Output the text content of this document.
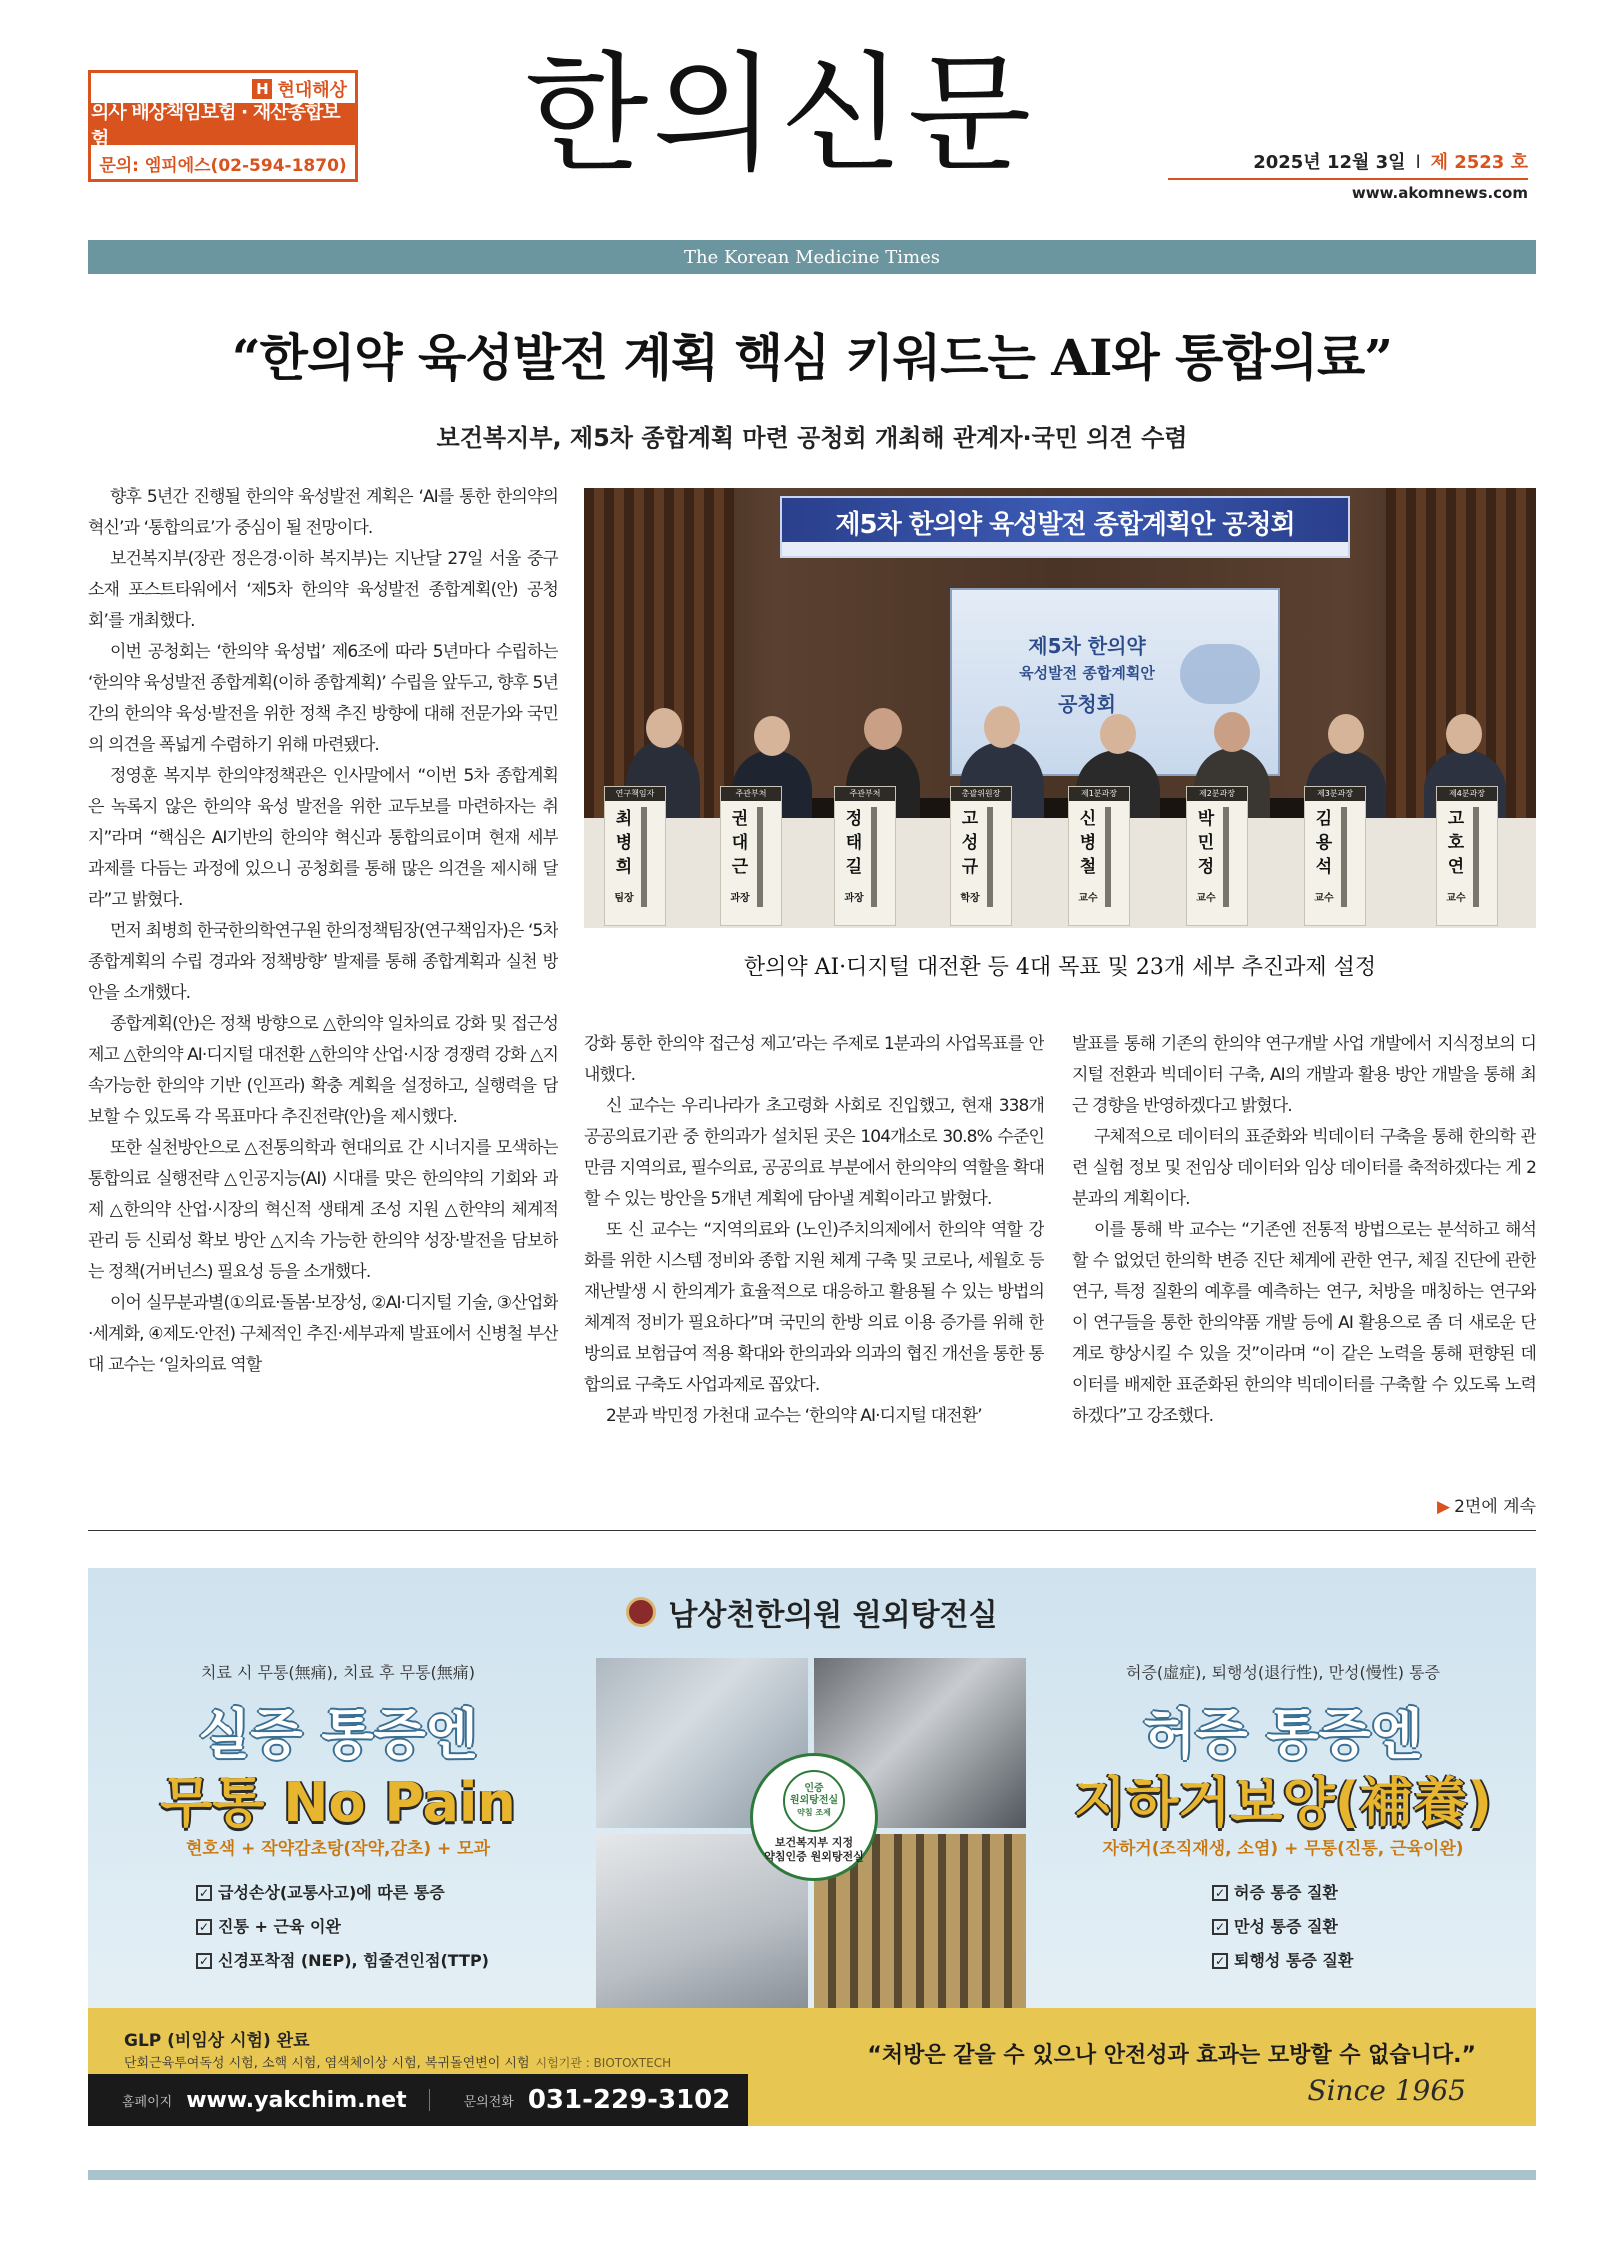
H 현대해상
의사 배상책임보험 · 재산종합보험
문의: 엠피에스(02-594-1870)	한의신문	2025년 12월 3일 l 제 2523 호
www.akomnews.com
The Korean Medicine Times
“한의약 육성발전 계획 핵심 키워드는 AI와 통합의료”
보건복지부, 제5차 종합계획 마련 공청회 개최해 관계자·국민 의견 수렴

향후 5년간 진행될 한의약 육성발전 계획은 ‘AI를 통한 한의약의 혁신’과 ‘통합의료’가 중심이 될 전망이다.

보건복지부(장관 정은경·이하 복지부)는 지난달 27일 서울 중구 소재 포스트타워에서 ‘제5차 한의약 육성발전 종합계획(안) 공청회’를 개최했다.

이번 공청회는 ‘한의약 육성법’ 제6조에 따라 5년마다 수립하는 ‘한의약 육성발전 종합계획(이하 종합계획)’ 수립을 앞두고, 향후 5년간의 한의약 육성·발전을 위한 정책 추진 방향에 대해 전문가와 국민의 의견을 폭넓게 수렴하기 위해 마련됐다.

정영훈 복지부 한의약정책관은 인사말에서 “이번 5차 종합계획은 녹록지 않은 한의약 육성 발전을 위한 교두보를 마련하자는 취지”라며 “핵심은 AI기반의 한의약 혁신과 통합의료이며 현재 세부 과제를 다듬는 과정에 있으니 공청회를 통해 많은 의견을 제시해 달라”고 밝혔다.

먼저 최병희 한국한의학연구원 한의정책팀장(연구책임자)은 ‘5차 종합계획의 수립 경과와 정책방향’ 발제를 통해 종합계획과 실천 방안을 소개했다.

종합계획(안)은 정책 방향으로 △한의약 일차의료 강화 및 접근성 제고 △한의약 AI·디지털 대전환 △한의약 산업·시장 경쟁력 강화 △지속가능한 한의약 기반 (인프라) 확충 계획을 설정하고, 실행력을 담보할 수 있도록 각 목표마다 추진전략(안)을 제시했다.

또한 실천방안으로 △전통의학과 현대의료 간 시너지를 모색하는 통합의료 실행전략 △인공지능(AI) 시대를 맞은 한의약의 기회와 과제 △한의약 산업·시장의 혁신적 생태계 조성 지원 △한약의 체계적 관리 등 신뢰성 확보 방안 △지속 가능한 한의약 성장·발전을 담보하는 정책(거버넌스) 필요성 등을 소개했다.

이어 실무분과별(①의료·돌봄·보장성, ②AI·디지털 기술, ③산업화·세계화, ④제도·안전) 구체적인 추진·세부과제 발표에서 신병철 부산대 교수는 ‘일차의료 역할

제5차 한의약 육성발전 종합계획안 공청회
제5차 한의약
육성발전 종합계획안
공청회
연구책임자
최병희
팀장
주관부처
권대근
과장
주관부처
정태길
과장
총괄위원장
고성규
학장
제1분과장
신병철
교수
제2분과장
박민정
교수
제3분과장
김용석
교수
제4분과장
고호연
교수
한의약 AI·디지털 대전환 등 4대 목표 및 23개 세부 추진과제 설정

강화 통한 한의약 접근성 제고’라는 주제로 1분과의 사업목표를 안내했다.

신 교수는 우리나라가 초고령화 사회로 진입했고, 현재 338개 공공의료기관 중 한의과가 설치된 곳은 104개소로 30.8% 수준인 만큼 지역의료, 필수의료, 공공의료 부분에서 한의약의 역할을 확대할 수 있는 방안을 5개년 계획에 담아낼 계획이라고 밝혔다.

또 신 교수는 “지역의료와 (노인)주치의제에서 한의약 역할 강화를 위한 시스템 정비와 종합 지원 체계 구축 및 코로나, 세월호 등 재난발생 시 한의계가 효율적으로 대응하고 활용될 수 있는 방법의 체계적 정비가 필요하다”며 국민의 한방 의료 이용 증가를 위해 한방의료 보험급여 적용 확대와 한의과와 의과의 협진 개선을 통한 통합의료 구축도 사업과제로 꼽았다.

2분과 박민정 가천대 교수는 ‘한의약 AI·디지털 대전환’

발표를 통해 기존의 한의약 연구개발 사업 개발에서 지식정보의 디지털 전환과 빅데이터 구축, AI의 개발과 활용 방안 개발을 통해 최근 경향을 반영하겠다고 밝혔다.

구체적으로 데이터의 표준화와 빅데이터 구축을 통해 한의학 관련 실험 정보 및 전임상 데이터와 임상 데이터를 축적하겠다는 게 2분과의 계획이다.

이를 통해 박 교수는 “기존엔 전통적 방법으로는 분석하고 해석할 수 없었던 한의학 변증 진단 체계에 관한 연구, 체질 진단에 관한 연구, 특정 질환의 예후를 예측하는 연구, 처방을 매칭하는 연구와 이 연구들을 통한 한의약품 개발 등에 AI 활용으로 좀 더 새로운 단계로 향상시킬 수 있을 것”이라며 “이 같은 노력을 통해 편향된 데이터를 배제한 표준화된 한의약 빅데이터를 구축할 수 있도록 노력하겠다”고 강조했다.

▶ 2면에 계속
남상천한의원 원외탕전실
치료 시 무통(無痛), 치료 후 무통(無痛)
실증 통증엔
무통 No Pain
현호색 + 작약감초탕(작약,감초) + 모과
✓ 급성손상(교통사고)에 따른 통증
✓ 진통 + 근육 이완
✓ 신경포착점 (NEP), 힘줄견인점(TTP)
인증
원외탕전실
약침 조제
보건복지부 지정
약침인증 원외탕전실
허증(虛症), 퇴행성(退行性), 만성(慢性) 통증
허증 통증엔
지하거보양(補養)
자하거(조직재생, 소염) + 무통(진통, 근육이완)
✓ 허증 통증 질환
✓ 만성 통증 질환
✓ 퇴행성 통증 질환
GLP (비임상 시험) 완료
단회근육투여독성 시험, 소핵 시험, 염색체이상 시험, 복귀돌연변이 시험 시험기관 : BIOTOXTECH	“처방은 같을 수 있으나 안전성과 효과는 모방할 수 없습니다.”
Since 1965
홈페이지 www.yakchim.net	문의전화 031-229-3102
